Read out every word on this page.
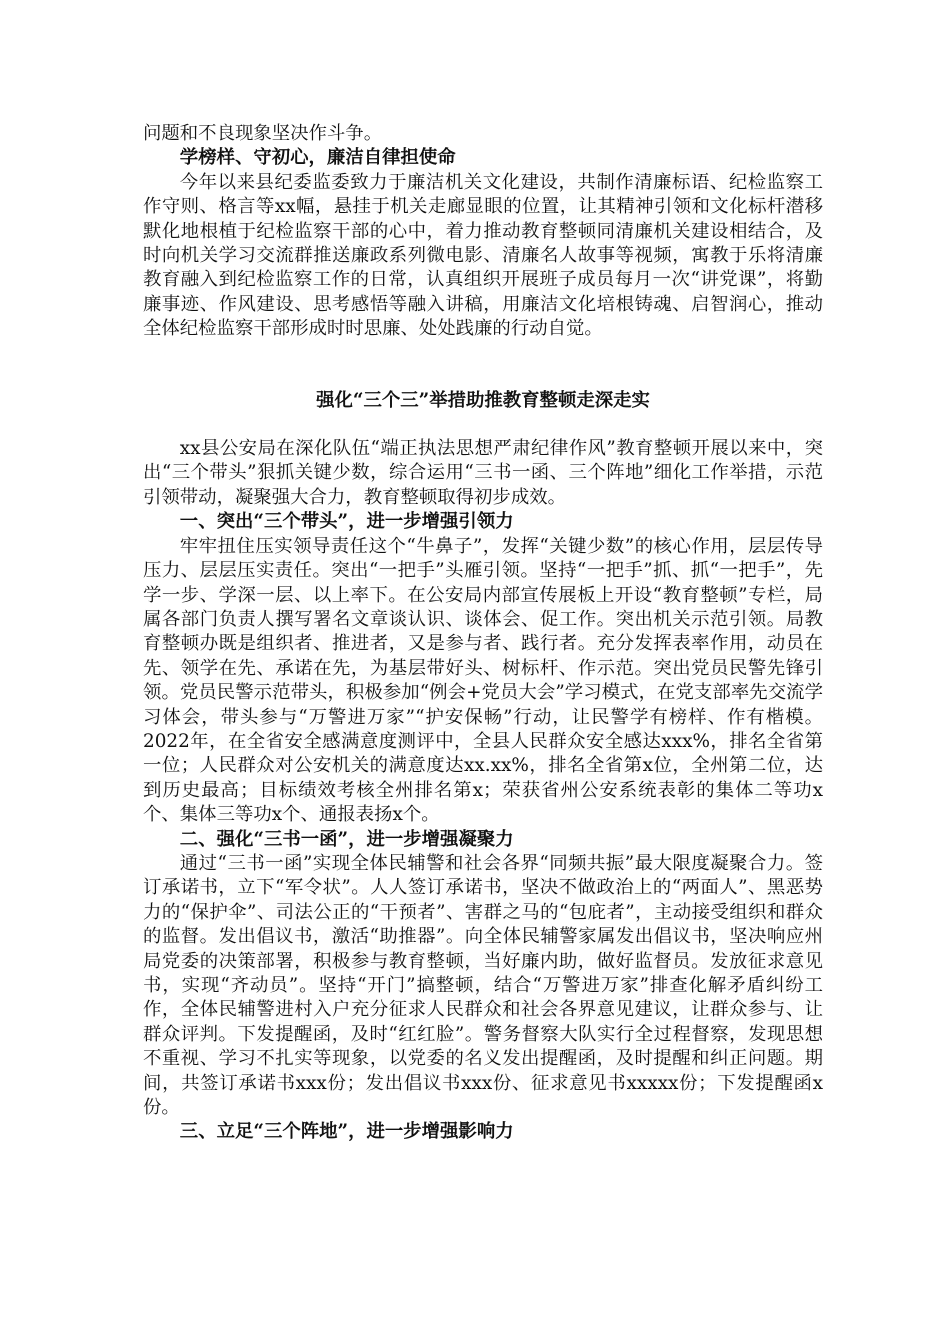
问题和不良现象坚决作斗争。

学榜样、守初心，廉洁自律担使命

今年以来县纪委监委致力于廉洁机关文化建设，共制作清廉标语、纪检监察工作守则、格言等xx幅，悬挂于机关走廊显眼的位置，让其精神引领和文化标杆潜移默化地根植于纪检监察干部的心中，着力推动教育整顿同清廉机关建设相结合，及时向机关学习交流群推送廉政系列微电影、清廉名人故事等视频，寓教于乐将清廉教育融入到纪检监察工作的日常，认真组织开展班子成员每月一次“讲党课”，将勤廉事迹、作风建设、思考感悟等融入讲稿，用廉洁文化培根铸魂、启智润心，推动全体纪检监察干部形成时时思廉、处处践廉的行动自觉。

强化“三个三”举措助推教育整顿走深走实

xx县公安局在深化队伍“端正执法思想严肃纪律作风”教育整顿开展以来中，突出“三个带头”狠抓关键少数，综合运用“三书一函、三个阵地”细化工作举措，示范引领带动，凝聚强大合力，教育整顿取得初步成效。

一、突出“三个带头”，进一步增强引领力

牢牢扭住压实领导责任这个“牛鼻子”，发挥“关键少数”的核心作用，层层传导压力、层层压实责任。突出“一把手”头雁引领。坚持“一把手”抓、抓“一把手”，先学一步、学深一层、以上率下。在公安局内部宣传展板上开设“教育整顿”专栏，局属各部门负责人撰写署名文章谈认识、谈体会、促工作。突出机关示范引领。局教育整顿办既是组织者、推进者，又是参与者、践行者。充分发挥表率作用，动员在先、领学在先、承诺在先，为基层带好头、树标杆、作示范。突出党员民警先锋引领。党员民警示范带头，积极参加“例会+党员大会”学习模式，在党支部率先交流学习体会，带头参与“万警进万家”“护安保畅”行动，让民警学有榜样、作有楷模。2022年，在全省安全感满意度测评中，全县人民群众安全感达xxx%，排名全省第一位；人民群众对公安机关的满意度达xx.xx%，排名全省第x位，全州第二位，达到历史最高；目标绩效考核全州排名第x；荣获省州公安系统表彰的集体二等功x个、集体三等功x个、通报表扬x个。

二、强化“三书一函”，进一步增强凝聚力

通过“三书一函”实现全体民辅警和社会各界“同频共振”最大限度凝聚合力。签订承诺书，立下“军令状”。人人签订承诺书，坚决不做政治上的“两面人”、黑恶势力的“保护伞”、司法公正的“干预者”、害群之马的“包庇者”，主动接受组织和群众的监督。发出倡议书，激活“助推器”。向全体民辅警家属发出倡议书，坚决响应州局党委的决策部署，积极参与教育整顿，当好廉内助，做好监督员。发放征求意见书，实现“齐动员”。坚持“开门”搞整顿，结合“万警进万家”排查化解矛盾纠纷工作，全体民辅警进村入户充分征求人民群众和社会各界意见建议，让群众参与、让群众评判。下发提醒函，及时“红红脸”。警务督察大队实行全过程督察，发现思想不重视、学习不扎实等现象，以党委的名义发出提醒函，及时提醒和纠正问题。期间，共签订承诺书xxx份；发出倡议书xxx份、征求意见书xxxxx份；下发提醒函x份。

三、立足“三个阵地”，进一步增强影响力
